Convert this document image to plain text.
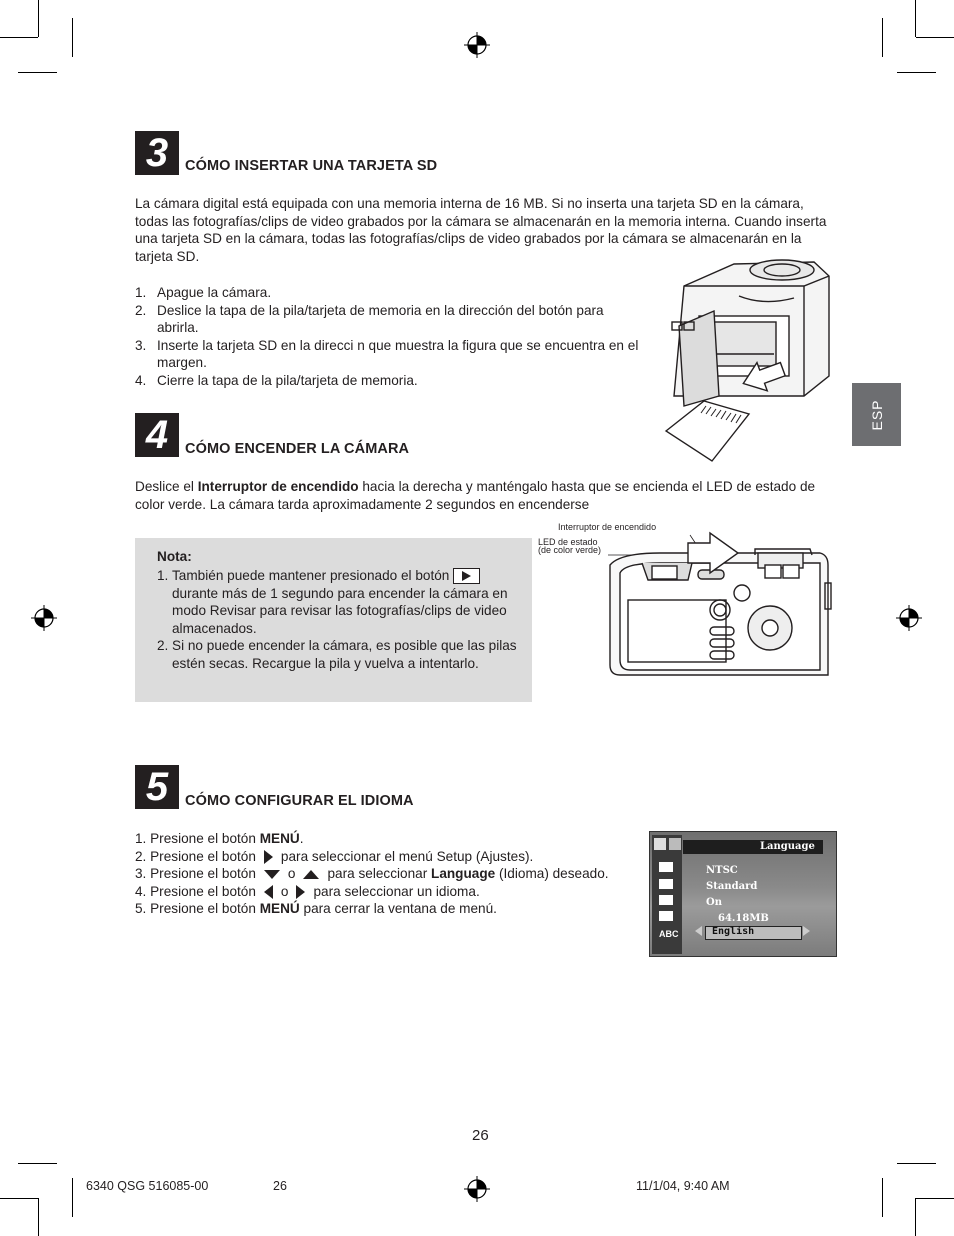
3	CÓMO INSERTAR UNA TARJETA SD
La cámara digital está equipada con una memoria interna de 16 MB. Si no inserta una tarjeta SD en la cámara, todas las fotografías/clips de video grabados por la cámara se almacenarán en la memoria interna. Cuando inserta una tarjeta SD en la cámara, todas las fotografías/clips de video grabados por la cámara se almacenarán en la tarjeta SD.
1. Apague la cámara.
2. Deslice la tapa de la pila/tarjeta de memoria en la dirección del botón para abrirla.
3. Inserte la tarjeta SD en la direcci n que muestra la figura que se encuentra en el margen.
4. Cierre la tapa de la pila/tarjeta de memoria.
ESP
4	CÓMO ENCENDER LA CÁMARA
Deslice el Interruptor de encendido hacia la derecha y manténgalo hasta que se encienda el LED de estado de color verde. La cámara tarda aproximadamente 2 segundos en encenderse
Nota:
1. También puede mantener presionado el botón durante más de 1 segundo para encender la cámara en modo Revisar para revisar las fotografías/clips de video almacenados.
2. Si no puede encender la cámara, es posible que las pilas estén secas. Recargue la pila y vuelva a intentarlo.
Interruptor de encendido
LED de estado
(de color verde)
5	CÓMO CONFIGURAR EL IDIOMA
1. Presione el botón MENÚ.
2. Presione el botón para seleccionar el menú Setup (Ajustes).
3. Presione el botón o para seleccionar Language (Idioma) deseado.
4. Presione el botón o para seleccionar un idioma.
5. Presione el botón MENÚ para cerrar la ventana de menú.
Language
ABC
NTSC
Standard
On
64.18MB
English
26
6340 QSG 516085-00	26	11/1/04, 9:40 AM
